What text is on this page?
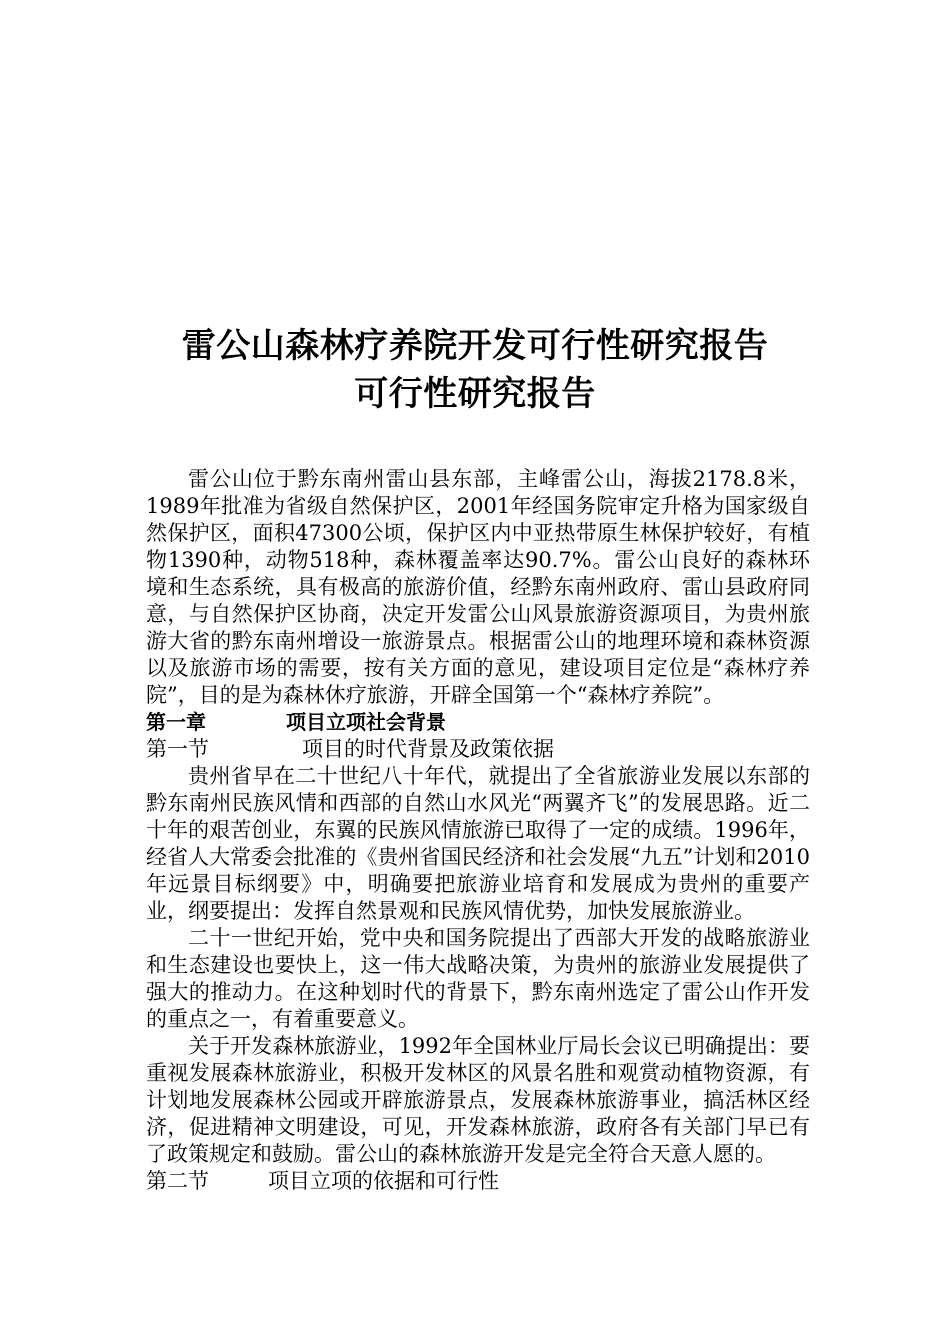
雷公山森林疗养院开发可行性研究报告

可行性研究报告

雷公山位于黔东南州雷山县东部，主峰雷公山，海拔2178.8米，1989年批准为省级自然保护区，2001年经国务院审定升格为国家级自然保护区，面积47300公顷，保护区内中亚热带原生林保护较好，有植物1390种，动物518种，森林覆盖率达90.7%。雷公山良好的森林环境和生态系统，具有极高的旅游价值，经黔东南州政府、雷山县政府同意，与自然保护区协商，决定开发雷公山风景旅游资源项目，为贵州旅游大省的黔东南州增设一旅游景点。根据雷公山的地理环境和森林资源以及旅游市场的需要，按有关方面的意见，建设项目定位是“森林疗养院”，目的是为森林休疗旅游，开辟全国第一个“森林疗养院”。

第一章	项目立项社会背景

第一节	项目的时代背景及政策依据

贵州省早在二十世纪八十年代，就提出了全省旅游业发展以东部的黔东南州民族风情和西部的自然山水风光“两翼齐飞”的发展思路。近二十年的艰苦创业，东翼的民族风情旅游已取得了一定的成绩。1996年，经省人大常委会批准的《贵州省国民经济和社会发展“九五”计划和2010年远景目标纲要》中，明确要把旅游业培育和发展成为贵州的重要产业，纲要提出：发挥自然景观和民族风情优势，加快发展旅游业。

二十一世纪开始，党中央和国务院提出了西部大开发的战略旅游业和生态建设也要快上，这一伟大战略决策，为贵州的旅游业发展提供了强大的推动力。在这种划时代的背景下，黔东南州选定了雷公山作开发的重点之一，有着重要意义。

关于开发森林旅游业，1992年全国林业厅局长会议已明确提出：要重视发展森林旅游业，积极开发林区的风景名胜和观赏动植物资源，有计划地发展森林公园或开辟旅游景点，发展森林旅游事业，搞活林区经济，促进精神文明建设，可见，开发森林旅游，政府各有关部门早已有了政策规定和鼓励。雷公山的森林旅游开发是完全符合天意人愿的。

第二节	项目立项的依据和可行性
